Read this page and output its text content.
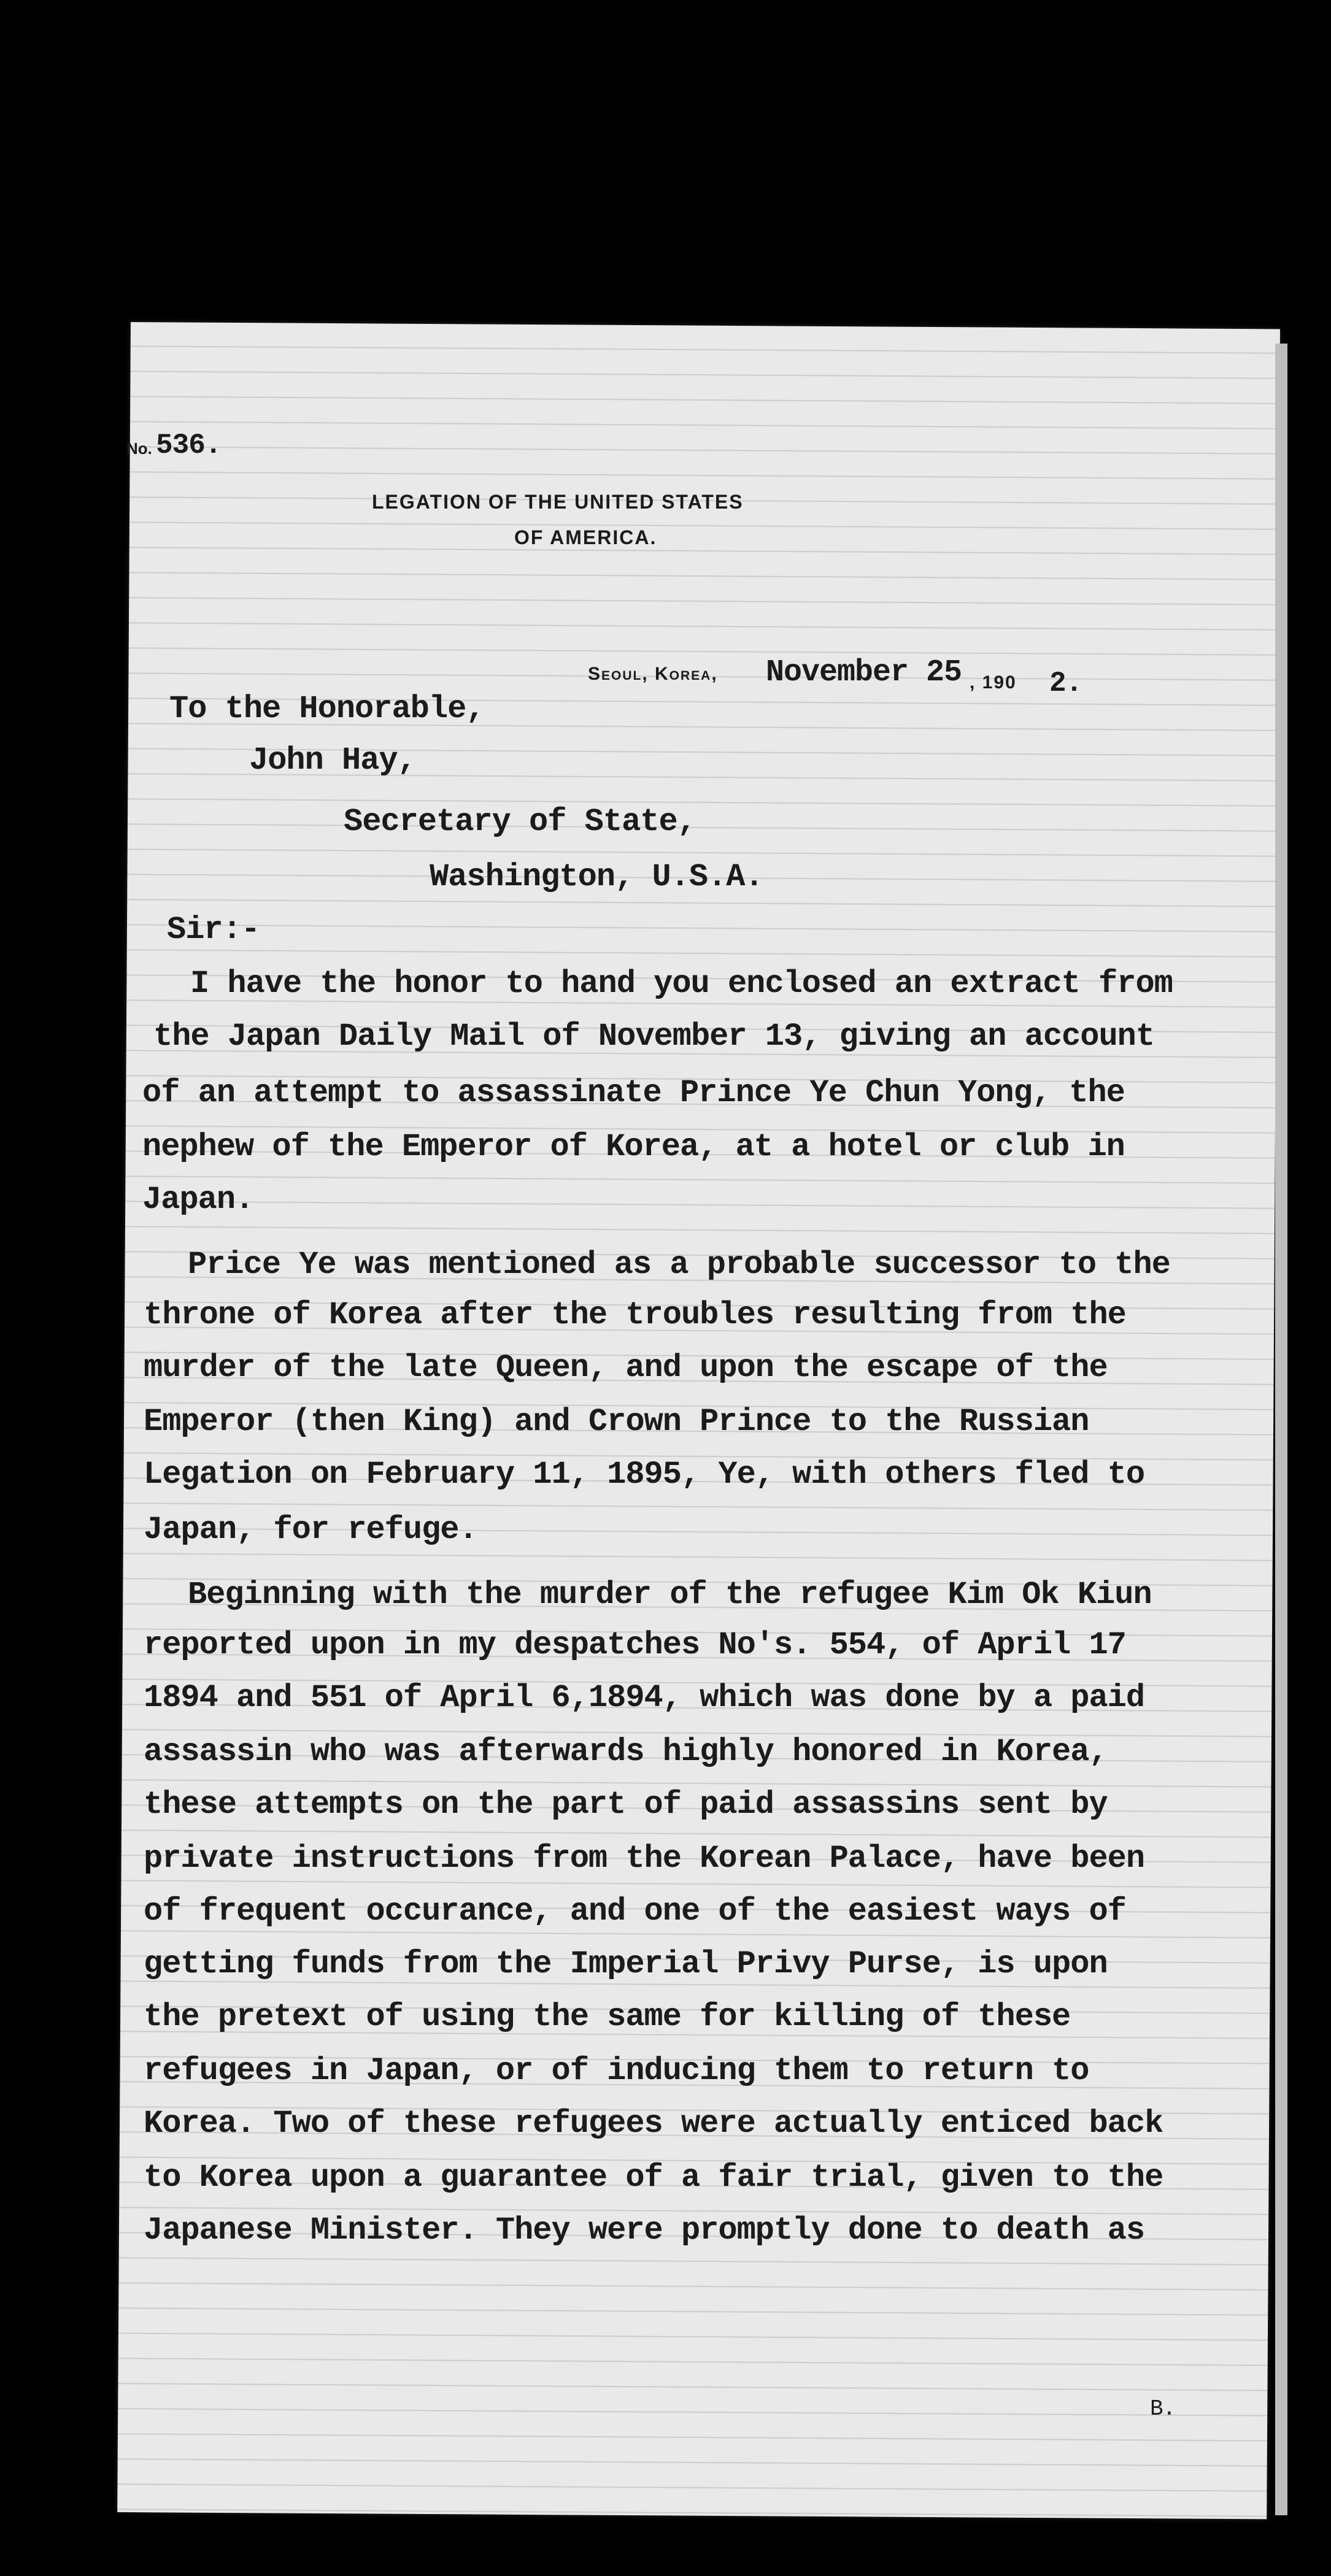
No. 536.
LEGATION OF THE UNITED STATES
OF AMERICA.
Seoul, Korea, November 25 , 190 2.
To the Honorable,
John Hay,
Secretary of State,
Washington, U.S.A.
Sir:-
I have the honor to hand you enclosed an extract from
the Japan Daily Mail of November 13, giving an account
of an attempt to assassinate Prince Ye Chun Yong, the
nephew of the Emperor of Korea, at a hotel or club in
Japan.
Price Ye was mentioned as a probable successor to the
throne of Korea after the troubles resulting from the
murder of the late Queen, and upon the escape of the
Emperor (then King) and Crown Prince to the Russian
Legation on February 11, 1895, Ye, with others fled to
Japan, for refuge.
Beginning with the murder of the refugee Kim Ok Kiun
reported upon in my despatches No's. 554, of April 17
1894 and 551 of April 6,1894, which was done by a paid
assassin who was afterwards highly honored in Korea,
these attempts on the part of paid assassins sent by
private instructions from the Korean Palace, have been
of frequent occurance, and one of the easiest ways of
getting funds from the Imperial Privy Purse, is upon
the pretext of using the same for killing of these
refugees in Japan, or of inducing them to return to
Korea. Two of these refugees were actually enticed back
to Korea upon a guarantee of a fair trial, given to the
Japanese Minister. They were promptly done to death as
B.
